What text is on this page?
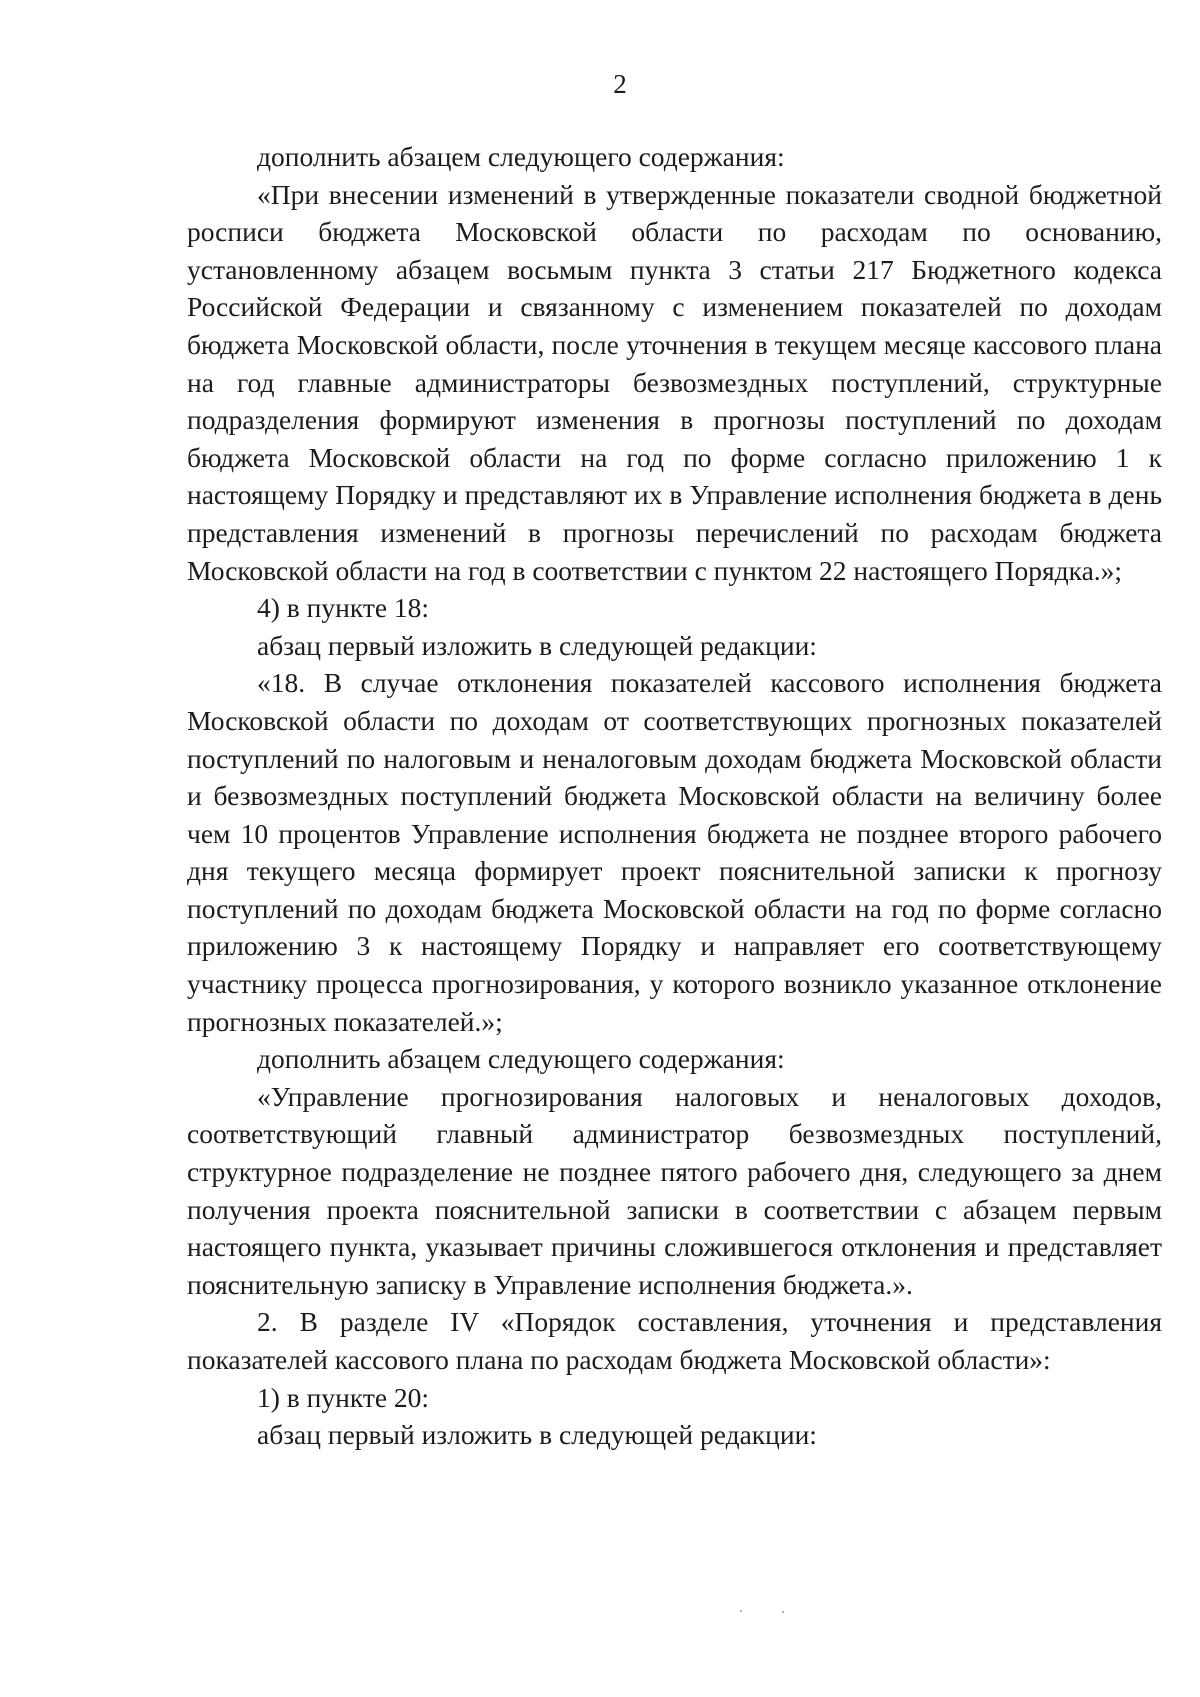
2

дополнить абзацем следующего содержания:

«При внесении изменений в утвержденные показатели сводной бюджетной росписи бюджета Московской области по расходам по основанию, установленному абзацем восьмым пункта 3 статьи 217 Бюджетного кодекса Российской Федерации и связанному с изменением показателей по доходам бюджета Московской области, после уточнения в текущем месяце кассового плана на год главные администраторы безвозмездных поступлений, структурные подразделения формируют изменения в прогнозы поступлений по доходам бюджета Московской области на год по форме согласно приложению 1 к настоящему Порядку и представляют их в Управление исполнения бюджета в день представления изменений в прогнозы перечислений по расходам бюджета Московской области на год в соответствии с пунктом 22 настоящего Порядка.»;

4) в пункте 18:

абзац первый изложить в следующей редакции:

«18. В случае отклонения показателей кассового исполнения бюджета Московской области по доходам от соответствующих прогнозных показателей поступлений по налоговым и неналоговым доходам бюджета Московской области и безвозмездных поступлений бюджета Московской области на величину более чем 10 процентов Управление исполнения бюджета не позднее второго рабочего дня текущего месяца формирует проект пояснительной записки к прогнозу поступлений по доходам бюджета Московской области на год по форме согласно приложению 3 к настоящему Порядку и направляет его соответствующему участнику процесса прогнозирования, у которого возникло указанное отклонение прогнозных показателей.»;

дополнить абзацем следующего содержания:

«Управление прогнозирования налоговых и неналоговых доходов, соответствующий главный администратор безвозмездных поступлений, структурное подразделение не позднее пятого рабочего дня, следующего за днем получения проекта пояснительной записки в соответствии с абзацем первым настоящего пункта, указывает причины сложившегося отклонения и представляет пояснительную записку в Управление исполнения бюджета.».

2. В разделе IV «Порядок составления, уточнения и представления показателей кассового плана по расходам бюджета Московской области»:

1) в пункте 20:

абзац первый изложить в следующей редакции:
